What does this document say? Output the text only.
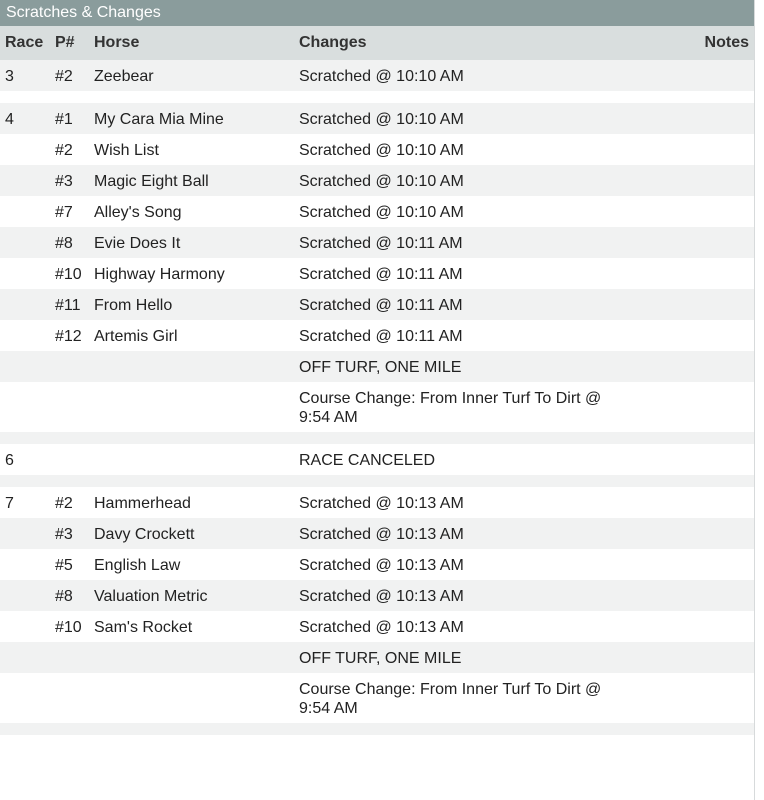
Scratches & Changes
Race	P#	Horse	Changes	Notes
3	#2	Zeebear	Scratched @ 10:10 AM	

4	#1	My Cara Mia Mine	Scratched @ 10:10 AM	
	#2	Wish List	Scratched @ 10:10 AM	
	#3	Magic Eight Ball	Scratched @ 10:10 AM	
	#7	Alley's Song	Scratched @ 10:10 AM	
	#8	Evie Does It	Scratched @ 10:11 AM	
	#10	Highway Harmony	Scratched @ 10:11 AM	
	#11	From Hello	Scratched @ 10:11 AM	
	#12	Artemis Girl	Scratched @ 10:11 AM	
			OFF TURF, ONE MILE	
			Course Change: From Inner Turf To Dirt @ 9:54 AM	

6			RACE CANCELED	

7	#2	Hammerhead	Scratched @ 10:13 AM	
	#3	Davy Crockett	Scratched @ 10:13 AM	
	#5	English Law	Scratched @ 10:13 AM	
	#8	Valuation Metric	Scratched @ 10:13 AM	
	#10	Sam's Rocket	Scratched @ 10:13 AM	
			OFF TURF, ONE MILE	
			Course Change: From Inner Turf To Dirt @ 9:54 AM	
